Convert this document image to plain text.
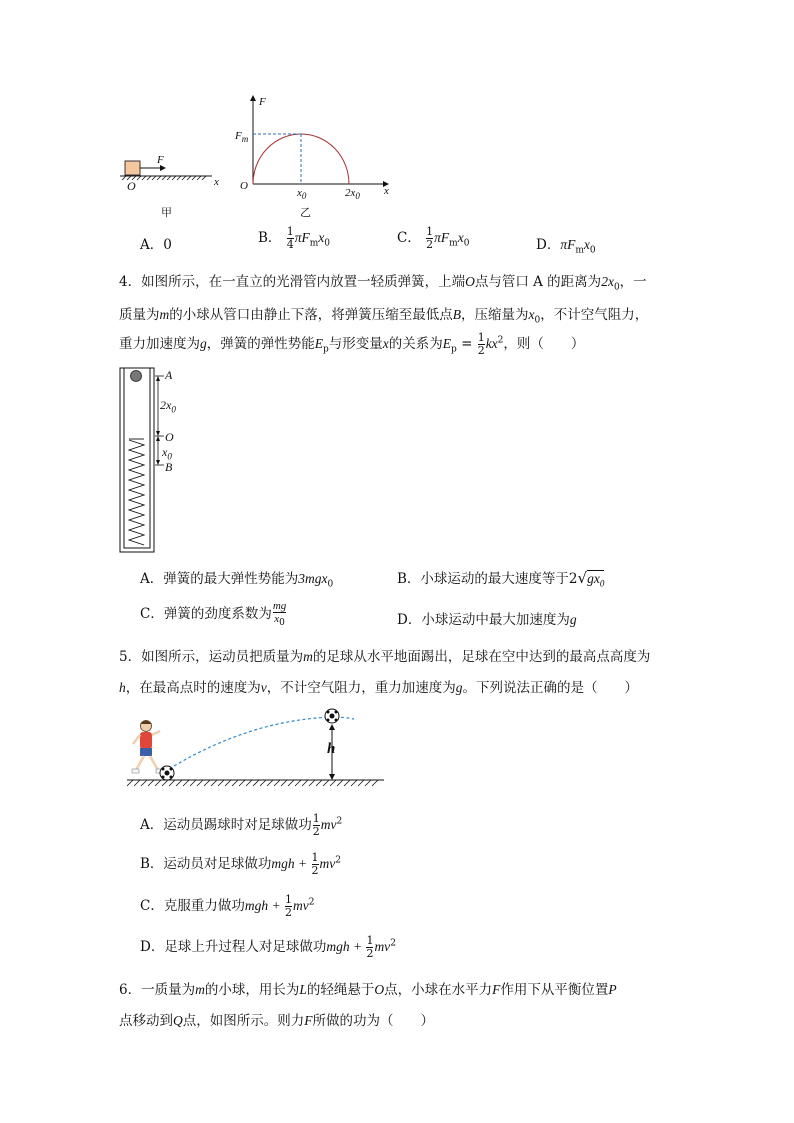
F
O	x
甲
F
$F_m$
O
$x_0$	$2x_0$ x
乙
A．0	B． $\frac{1}{4} \pi F_mx_0$	C． $\frac{1}{2} \pi F_mx_0$	D．$\pi F_mx_0$
4．如图所示，在一直立的光滑管内放置一轻质弹簧，上端O点与管口 A 的距离为$2x_0$，一
质量为m的小球从管口由静止下落，将弹簧压缩至最低点B，压缩量为$x_0$，不计空气阻力，
重力加速度为g，弹簧的弹性势能$E_p$与形变量x的关系为$E_p = \frac{1}{2} kx^2$，则（　　）
A
$2x_0$
O
$x_0$
B
A．弹簧的最大弹性势能为3mgx$_0$	B．小球运动的最大速度等于$2√gx_0$
C．弹簧的劲度系数为 $\frac{mg}{x_0}$	D．小球运动中最大加速度为g
5．如图所示，运动员把质量为m的足球从水平地面踢出，足球在空中达到的最高点高度为
h，在最高点时的速度为v，不计空气阻力，重力加速度为g。下列说法正确的是（　　）
h
A．运动员踢球时对足球做功 $\frac{1}{2} mv^2$
B．运动员对足球做功mgh + $\frac{1}{2} mv^2$
C．克服重力做功mgh + $\frac{1}{2} mv^2$
D．足球上升过程人对足球做功mgh + $\frac{1}{2} mv^2$
6．一质量为m的小球，用长为L的轻绳悬于O点，小球在水平力F作用下从平衡位置P
点移动到Q点，如图所示。则力F所做的功为（　　）
